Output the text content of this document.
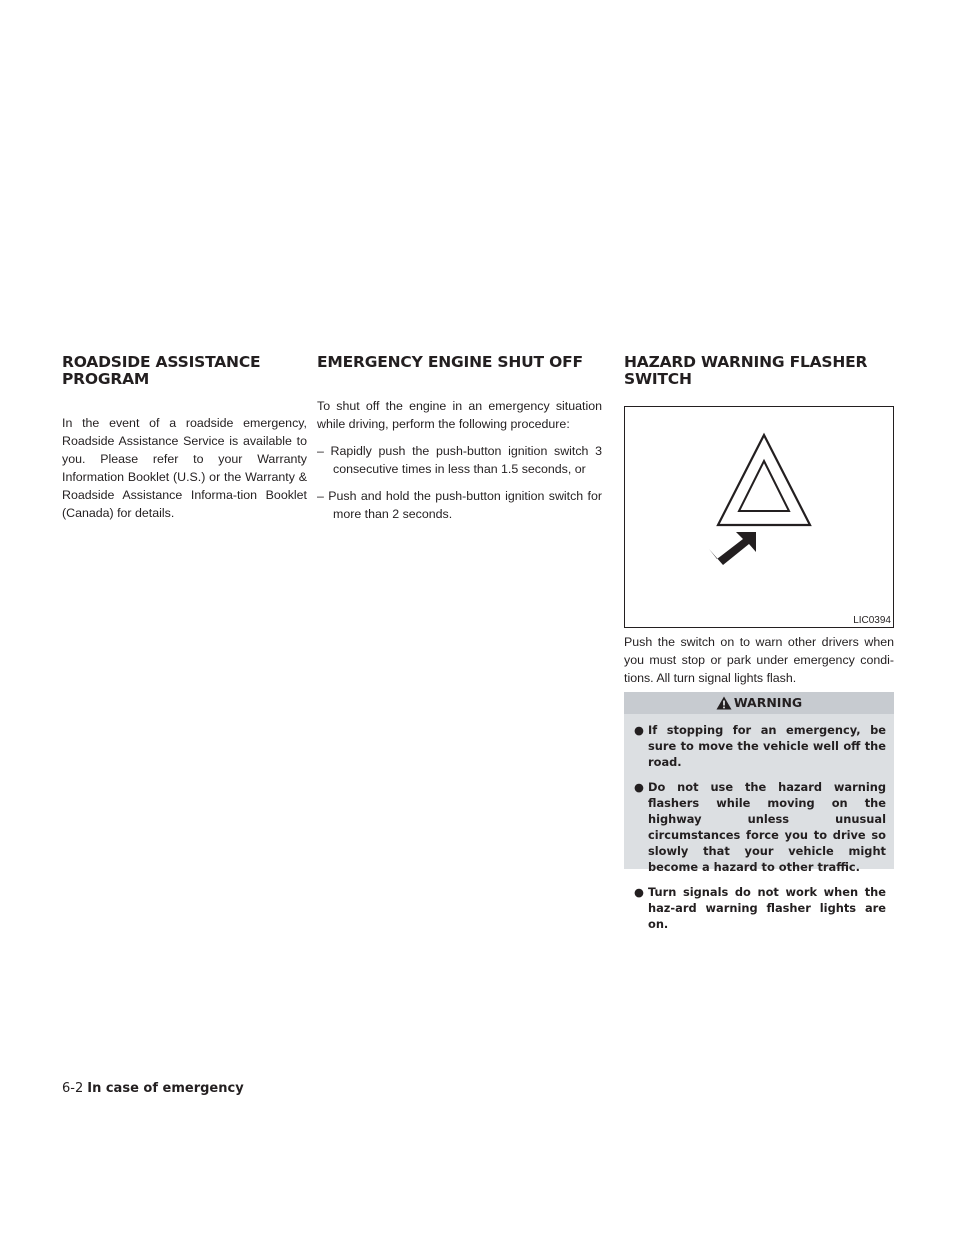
ROADSIDE ASSISTANCE PROGRAM

In the event of a roadside emergency, Roadside Assistance Service is available to you. Please refer to your Warranty Information Booklet (U.S.) or the Warranty & Roadside Assistance Informa-tion Booklet (Canada) for details.

EMERGENCY ENGINE SHUT OFF

To shut off the engine in an emergency situation while driving, perform the following procedure:

– Rapidly push the push-button ignition switch 3 consecutive times in less than 1.5 seconds, or

– Push and hold the push-button ignition switch for more than 2 seconds.

HAZARD WARNING FLASHER
SWITCH
LIC0394

Push the switch on to warn other drivers when you must stop or park under emergency condi-tions. All turn signal lights flash.

WARNING
● If stopping for an emergency, be sure to move the vehicle well off the road.
● Do not use the hazard warning flashers while moving on the highway unless unusual circumstances force you to drive so slowly that your vehicle might become a hazard to other traffic.
● Turn signals do not work when the haz-ard warning flasher lights are on.
6-2 In case of emergency
